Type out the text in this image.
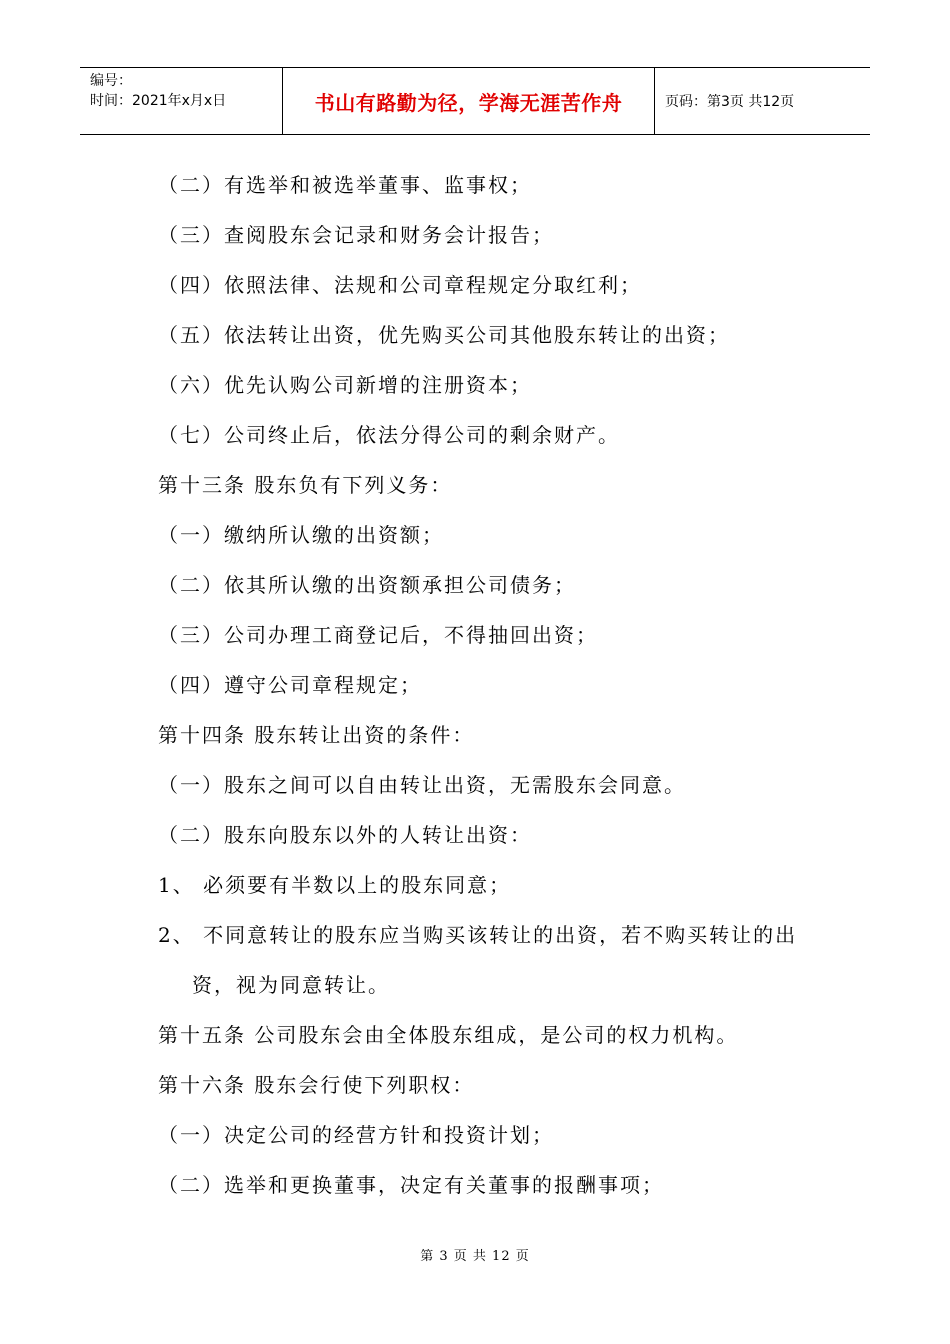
编号：
时间：2021年x月x日	书山有路勤为径，学海无涯苦作舟	页码：第3页 共12页
（二）有选举和被选举董事、监事权；
（三）查阅股东会记录和财务会计报告；
（四）依照法律、法规和公司章程规定分取红利；
（五）依法转让出资，优先购买公司其他股东转让的出资；
（六）优先认购公司新增的注册资本；
（七）公司终止后，依法分得公司的剩余财产。
第十三条 股东负有下列义务：
（一）缴纳所认缴的出资额；
（二）依其所认缴的出资额承担公司债务；
（三）公司办理工商登记后，不得抽回出资；
（四）遵守公司章程规定；
第十四条 股东转让出资的条件：
（一）股东之间可以自由转让出资，无需股东会同意。
（二）股东向股东以外的人转让出资：
1、 必须要有半数以上的股东同意；
2、 不同意转让的股东应当购买该转让的出资，若不购买转让的出
资，视为同意转让。
第十五条 公司股东会由全体股东组成，是公司的权力机构。
第十六条 股东会行使下列职权：
（一）决定公司的经营方针和投资计划；
（二）选举和更换董事，决定有关董事的报酬事项；
第 3 页 共 12 页
